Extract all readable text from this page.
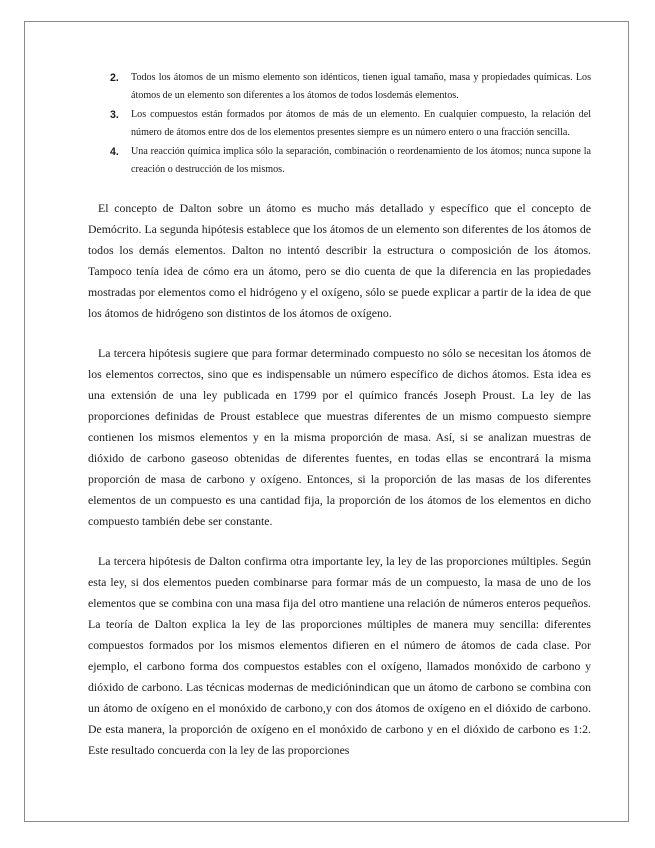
2. Todos los átomos de un mismo elemento son idénticos, tienen igual tamaño, masa y propiedades químicas. Los átomos de un elemento son diferentes a los átomos de todos losdemás elementos.
3. Los compuestos están formados por átomos de más de un elemento. En cualquier compuesto, la relación del número de átomos entre dos de los elementos presentes siempre es un número entero o una fracción sencilla.
4. Una reacción química implica sólo la separación, combinación o reordenamiento de los átomos; nunca supone la creación o destrucción de los mismos.

El concepto de Dalton sobre un átomo es mucho más detallado y específico que el concepto de Demócrito. La segunda hipótesis establece que los átomos de un elemento son diferentes de los átomos de todos los demás elementos. Dalton no intentó describir la estructura o composición de los átomos. Tampoco tenía idea de cómo era un átomo, pero se dio cuenta de que la diferencia en las propiedades mostradas por elementos como el hidrógeno y el oxígeno, sólo se puede explicar a partir de la idea de que los átomos de hidrógeno son distintos de los átomos de oxígeno.

La tercera hipótesis sugiere que para formar determinado compuesto no sólo se necesitan los átomos de los elementos correctos, sino que es indispensable un número específico de dichos átomos. Esta idea es una extensión de una ley publicada en 1799 por el químico francés Joseph Proust. La ley de las proporciones definidas de Proust establece que muestras diferentes de un mismo compuesto siempre contienen los mismos elementos y en la misma proporción de masa. Así, si se analizan muestras de dióxido de carbono gaseoso obtenidas de diferentes fuentes, en todas ellas se encontrará la misma proporción de masa de carbono y oxígeno. Entonces, si la proporción de las masas de los diferentes elementos de un compuesto es una cantidad fija, la proporción de los átomos de los elementos en dicho compuesto también debe ser constante.

La tercera hipótesis de Dalton confirma otra importante ley, la ley de las proporciones múltiples. Según esta ley, si dos elementos pueden combinarse para formar más de un compuesto, la masa de uno de los elementos que se combina con una masa fija del otro mantiene una relación de números enteros pequeños. La teoría de Dalton explica la ley de las proporciones múltiples de manera muy sencilla: diferentes compuestos formados por los mismos elementos difieren en el número de átomos de cada clase. Por ejemplo, el carbono forma dos compuestos estables con el oxígeno, llamados monóxido de carbono y dióxido de carbono. Las técnicas modernas de mediciónindican que un átomo de carbono se combina con un átomo de oxígeno en el monóxido de carbono,y con dos átomos de oxígeno en el dióxido de carbono. De esta manera, la proporción de oxígeno en el monóxido de carbono y en el dióxido de carbono es 1:2. Este resultado concuerda con la ley de las proporciones
